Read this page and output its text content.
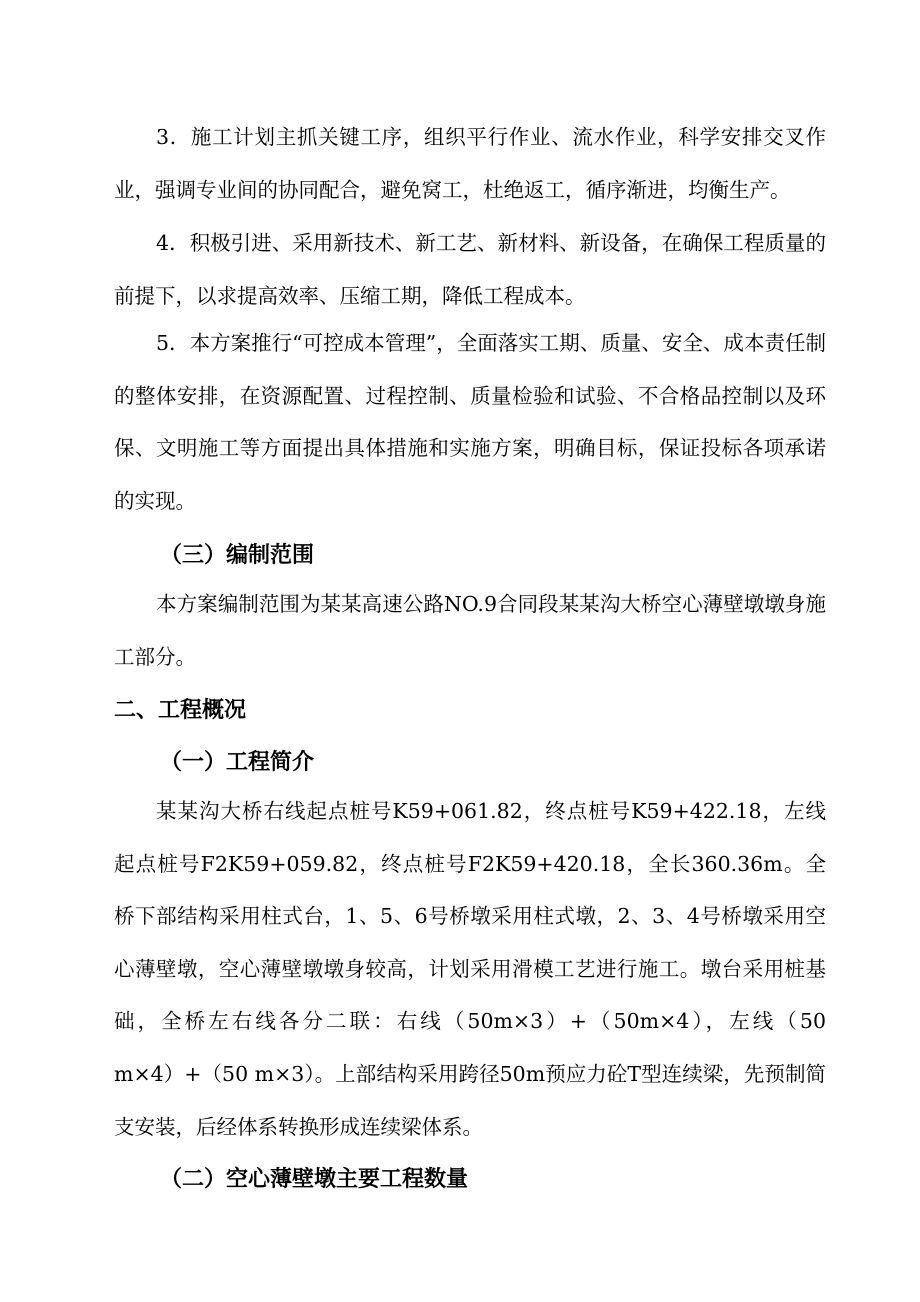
3．施工计划主抓关键工序，组织平行作业、流水作业，科学安排交叉作业，强调专业间的协同配合，避免窝工，杜绝返工，循序渐进，均衡生产。
4．积极引进、采用新技术、新工艺、新材料、新设备，在确保工程质量的前提下，以求提高效率、压缩工期，降低工程成本。
5．本方案推行“可控成本管理”，全面落实工期、质量、安全、成本责任制的整体安排，在资源配置、过程控制、质量检验和试验、不合格品控制以及环保、文明施工等方面提出具体措施和实施方案，明确目标，保证投标各项承诺的实现。
（三）编制范围
本方案编制范围为某某高速公路NO.9合同段某某沟大桥空心薄壁墩墩身施工部分。
二、工程概况
（一）工程简介
某某沟大桥右线起点桩号K59+061.82，终点桩号K59+422.18，左线起点桩号F2K59+059.82，终点桩号F2K59+420.18，全长360.36m。全桥下部结构采用柱式台，1、5、6号桥墩采用柱式墩，2、3、4号桥墩采用空心薄壁墩，空心薄壁墩墩身较高，计划采用滑模工艺进行施工。墩台采用桩基础，全桥左右线各分二联：右线（50m×3）+（50m×4），左线（50 m×4）+（50 m×3）。上部结构采用跨径50m预应力砼T型连续梁，先预制简支安装，后经体系转换形成连续梁体系。
（二）空心薄壁墩主要工程数量
